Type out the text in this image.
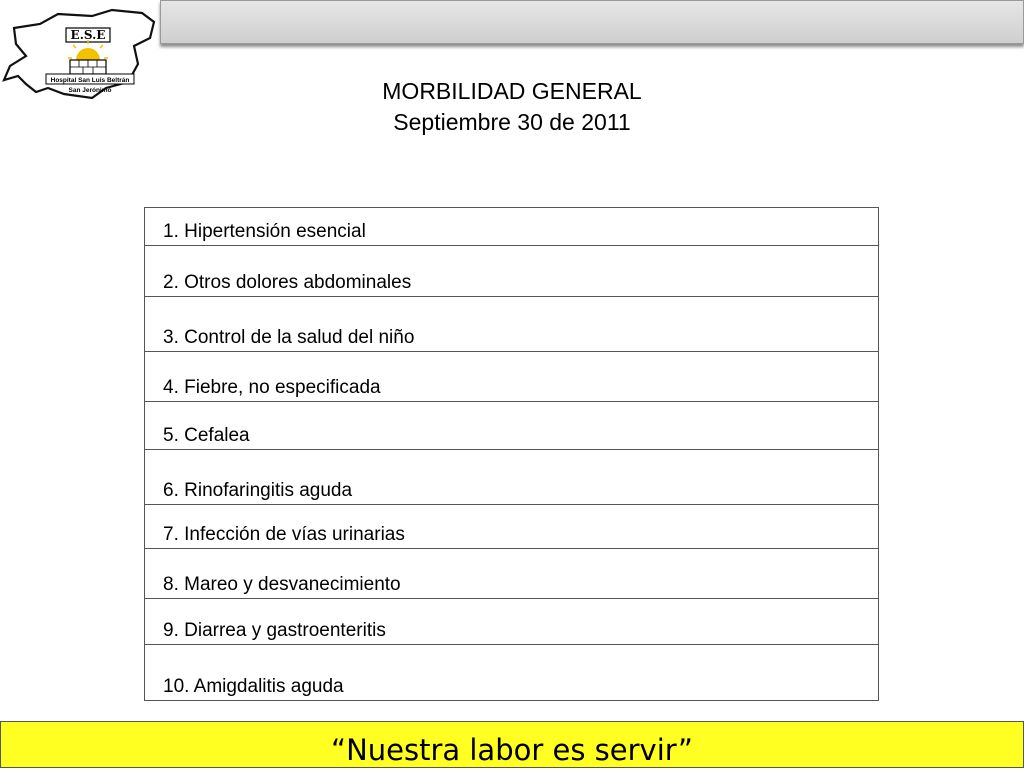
E.S.E
Hospital San Luis Beltrán
San Jerónimo	MORBILIDAD GENERAL
Septiembre 30 de 2011
1. Hipertensión esencial
2. Otros dolores abdominales
3. Control de la salud del niño
4. Fiebre, no especificada
5. Cefalea
6. Rinofaringitis aguda
7. Infección de vías urinarias
8. Mareo y desvanecimiento
9. Diarrea y gastroenteritis
10. Amigdalitis aguda
“Nuestra labor es servir”
